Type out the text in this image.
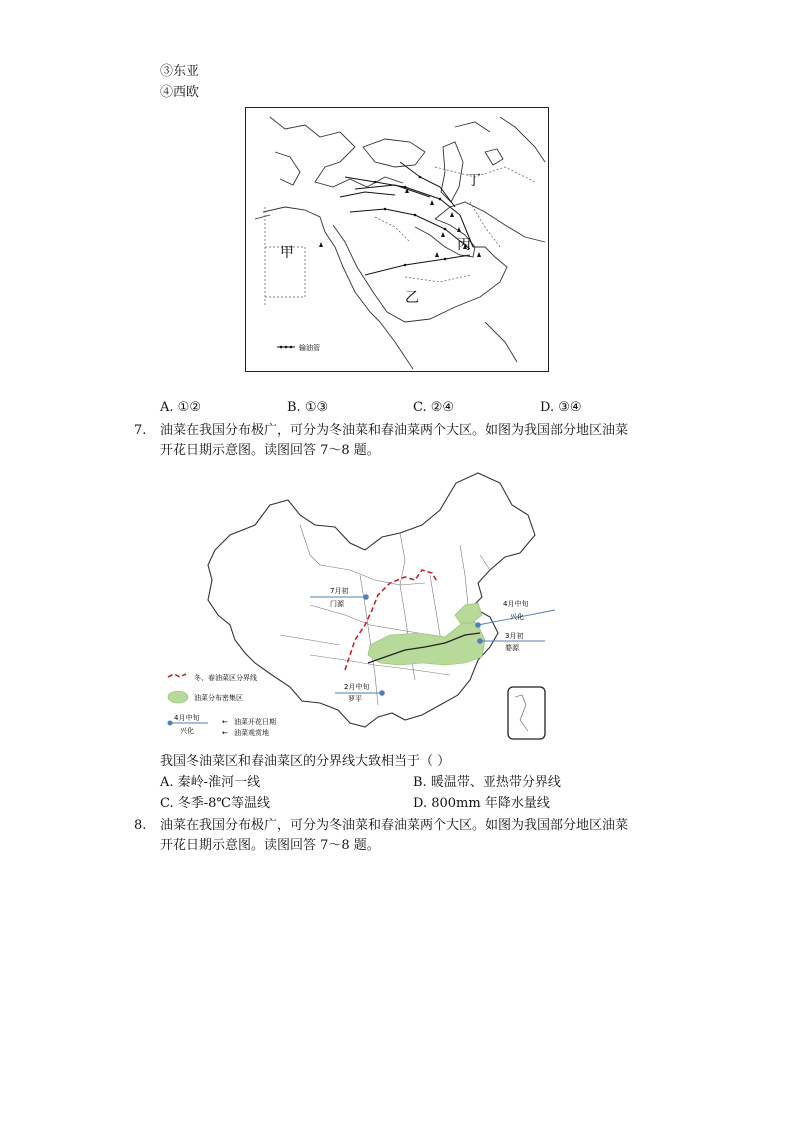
③东亚
④西欧
甲
乙
丙
丁
输油管
A. ①②	B. ①③	C. ②④	D. ③④
7. 油菜在我国分布极广，可分为冬油菜和春油菜两个大区。如图为我国部分地区油菜
开花日期示意图。读图回答 7～8 题。
7月初
门源	4月中旬
兴化
3月初
婺源
2月中旬
罗平
冬、春油菜区分界线
油菜分布密集区
4月中旬
兴化
← 油菜开花日期
← 油菜观赏地
我国冬油菜区和春油菜区的分界线大致相当于（ ）
A. 秦岭-淮河一线	B. 暖温带、亚热带分界线
C. 冬季-8℃等温线	D. 800mm 年降水量线
8. 油菜在我国分布极广，可分为冬油菜和春油菜两个大区。如图为我国部分地区油菜
开花日期示意图。读图回答 7～8 题。
